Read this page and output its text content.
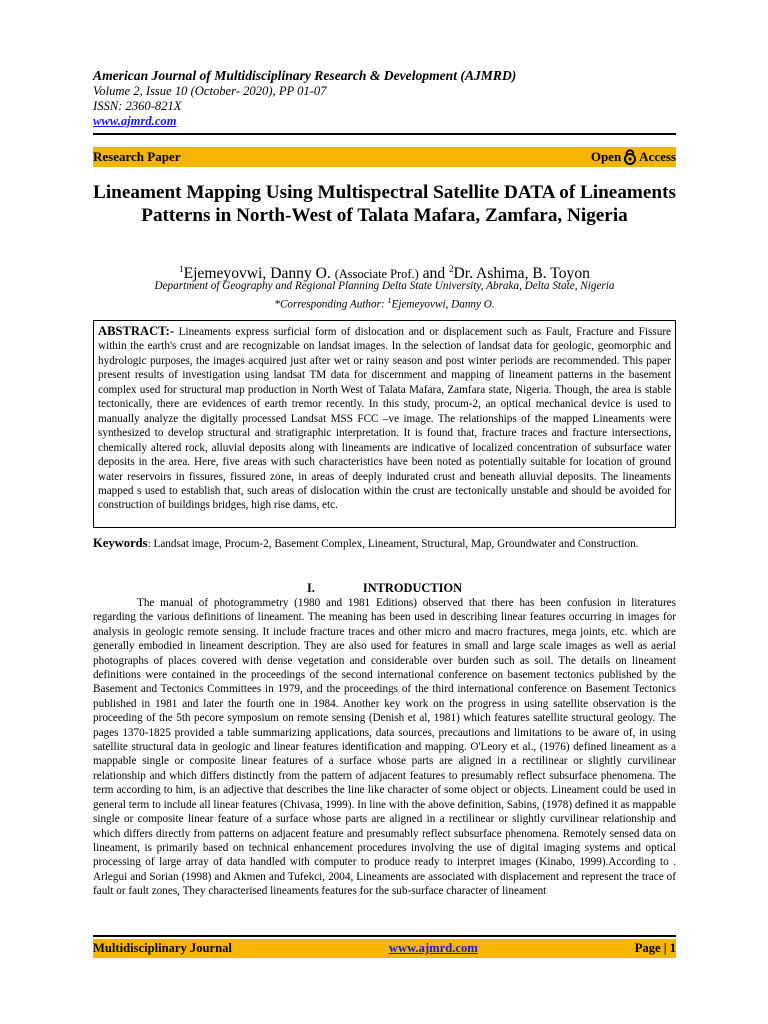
American Journal of Multidisciplinary Research & Development (AJMRD)
Volume 2, Issue 10 (October- 2020), PP 01-07
ISSN: 2360-821X
www.ajmrd.com
Research Paper	Open Access
Lineament Mapping Using Multispectral Satellite DATA of Lineaments Patterns in North-West of Talata Mafara, Zamfara, Nigeria
$^1$Ejemeyovwi, Danny O. (Associate Prof.) and $^2$Dr. Ashima, B. Toyon
Department of Geography and Regional Planning Delta State University, Abraka, Delta State, Nigeria
*Corresponding Author: $^1$Ejemeyovwi, Danny O.
ABSTRACT:- Lineaments express surficial form of dislocation and or displacement such as Fault, Fracture and Fissure within the earth's crust and are recognizable on landsat images. In the selection of landsat data for geologic, geomorphic and hydrologic purposes, the images acquired just after wet or rainy season and post winter periods are recommended. This paper present results of investigation using landsat TM data for discernment and mapping of lineament patterns in the basement complex used for structural map production in North West of Talata Mafara, Zamfara state, Nigeria. Though, the area is stable tectonically, there are evidences of earth tremor recently. In this study, procum-2, an optical mechanical device is used to manually analyze the digitally processed Landsat MSS FCC –ve image. The relationships of the mapped Lineaments were synthesized to develop structural and stratigraphic interpretation. It is found that, fracture traces and fracture intersections, chemically altered rock, alluvial deposits along with lineaments are indicative of localized concentration of subsurface water deposits in the area. Here, five areas with such characteristics have been noted as potentially suitable for location of ground water reservoirs in fissures, fissured zone, in areas of deeply indurated crust and beneath alluvial deposits. The lineaments mapped s used to establish that, such areas of dislocation within the crust are tectonically unstable and should be avoided for construction of buildings bridges, high rise dams, etc.
Keywords: Landsat image, Procum-2, Basement Complex, Lineament, Structural, Map, Groundwater and Construction.
I.	INTRODUCTION
The manual of photogrammetry (1980 and 1981 Editions) observed that there has been confusion in literatures regarding the various definitions of lineament. The meaning has been used in describing linear features occurring in images for analysis in geologic remote sensing. It include fracture traces and other micro and macro fractures, mega joints, etc. which are generally embodied in lineament description. They are also used for features in small and large scale images as well as aerial photographs of places covered with dense vegetation and considerable over burden such as soil. The details on lineament definitions were contained in the proceedings of the second international conference on basement tectonics published by the Basement and Tectonics Committees in 1979, and the proceedings of the third international conference on Basement Tectonics published in 1981 and later the fourth one in 1984. Another key work on the progress in using satellite observation is the proceeding of the 5th pecore symposium on remote sensing (Denish et al, 1981) which features satellite structural geology. The pages 1370-1825 provided a table summarizing applications, data sources, precautions and limitations to be aware of, in using satellite structural data in geologic and linear features identification and mapping. O'Leory et al., (1976) defined lineament as a mappable single or composite linear features of a surface whose parts are aligned in a rectilinear or slightly curvilinear relationship and which differs distinctly from the pattern of adjacent features to presumably reflect subsurface phenomena. The term according to him, is an adjective that describes the line like character of some object or objects. Lineament could be used in general term to include all linear features (Chivasa, 1999). In line with the above definition, Sabins, (1978) defined it as mappable single or composite linear feature of a surface whose parts are aligned in a rectilinear or slightly curvilinear relationship and which differs directly from patterns on adjacent feature and presumably reflect subsurface phenomena. Remotely sensed data on lineament, is primarily based on technical enhancement procedures involving the use of digital imaging systems and optical processing of large array of data handled with computer to produce ready to interpret images (Kinabo, 1999).According to . Arlegui and Sorian (1998) and Akmen and Tufekci, 2004, Lineaments are associated with displacement and represent the trace of fault or fault zones, They characterised lineaments features for the sub-surface character of lineament
Multidisciplinary Journal	www.ajmrd.com	Page | 1
